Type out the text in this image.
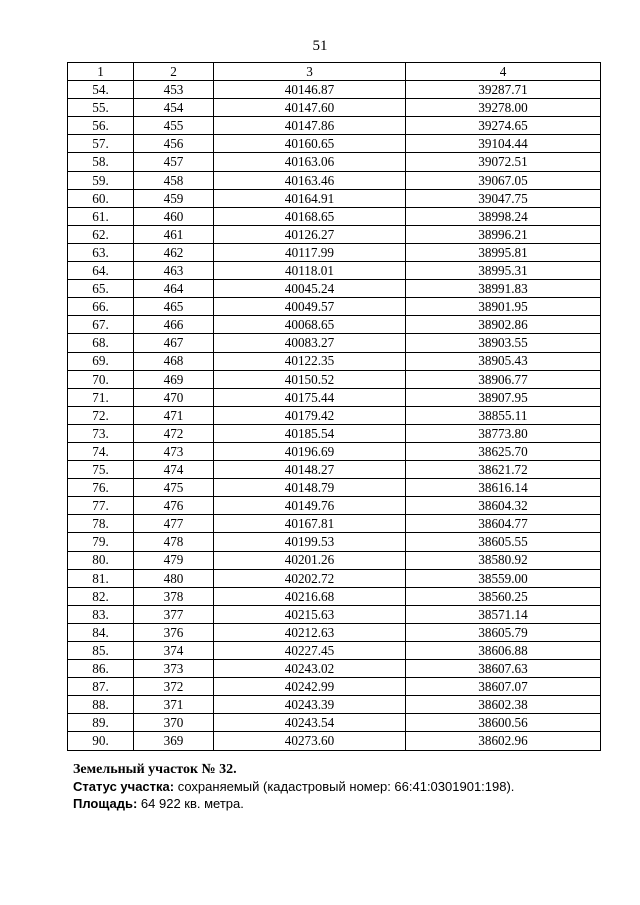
51
1	2	3	4
54.	453	40146.87	39287.71
55.	454	40147.60	39278.00
56.	455	40147.86	39274.65
57.	456	40160.65	39104.44
58.	457	40163.06	39072.51
59.	458	40163.46	39067.05
60.	459	40164.91	39047.75
61.	460	40168.65	38998.24
62.	461	40126.27	38996.21
63.	462	40117.99	38995.81
64.	463	40118.01	38995.31
65.	464	40045.24	38991.83
66.	465	40049.57	38901.95
67.	466	40068.65	38902.86
68.	467	40083.27	38903.55
69.	468	40122.35	38905.43
70.	469	40150.52	38906.77
71.	470	40175.44	38907.95
72.	471	40179.42	38855.11
73.	472	40185.54	38773.80
74.	473	40196.69	38625.70
75.	474	40148.27	38621.72
76.	475	40148.79	38616.14
77.	476	40149.76	38604.32
78.	477	40167.81	38604.77
79.	478	40199.53	38605.55
80.	479	40201.26	38580.92
81.	480	40202.72	38559.00
82.	378	40216.68	38560.25
83.	377	40215.63	38571.14
84.	376	40212.63	38605.79
85.	374	40227.45	38606.88
86.	373	40243.02	38607.63
87.	372	40242.99	38607.07
88.	371	40243.39	38602.38
89.	370	40243.54	38600.56
90.	369	40273.60	38602.96
Земельный участок № 32.
Статус участка: сохраняемый (кадастровый номер: 66:41:0301901:198).
Площадь: 64 922 кв. метра.
